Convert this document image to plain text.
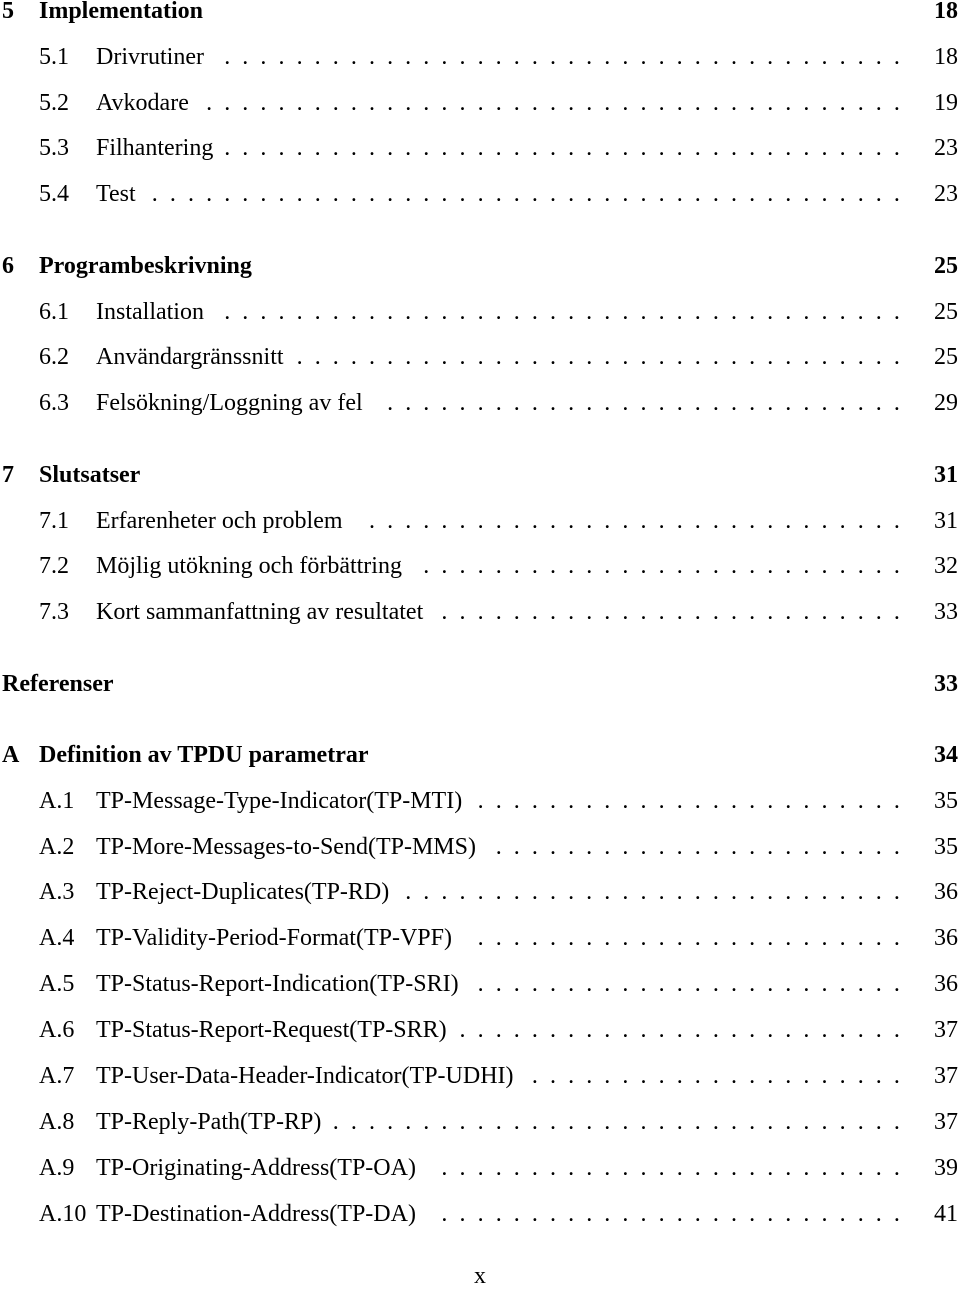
5 Implementation	18
5.1 Drivrutiner ...................................... 18
5.2 Avkodare ....................................... 19
5.3 Filhantering ...................................... 23
5.4 Test .......................................... 23
6 Programbeskrivning	25
6.1 Installation ...................................... 25
6.2 Användargränssnitt .................................. 25
6.3 Felsökning/Loggning av fel	............................. 29
7 Slutsatser	31
7.1 Erfarenheter och problem	.............................. 31
7.2 Möjlig utökning och förbättring ........................... 32
7.3 Kort sammanfattning av resultatet .......................... 33
Referenser	33
A Definition av TPDU parametrar	34
A.1 TP-Message-Type-Indicator(TP-MTI) ........................ 35
A.2 TP-More-Messages-to-Send(TP-MMS) ....................... 35
A.3 TP-Reject-Duplicates(TP-RD) ............................ 36
A.4 TP-Validity-Period-Format(TP-VPF)	........................ 36
A.5 TP-Status-Report-Indication(TP-SRI) ........................ 36
A.6 TP-Status-Report-Request(TP-SRR) ......................... 37
A.7 TP-User-Data-Header-Indicator(TP-UDHI) ..................... 37
A.8 TP-Reply-Path(TP-RP) ................................ 37
A.9 TP-Originating-Address(TP-OA)	.......................... 39
A.10 TP-Destination-Address(TP-DA)	.......................... 41
x
